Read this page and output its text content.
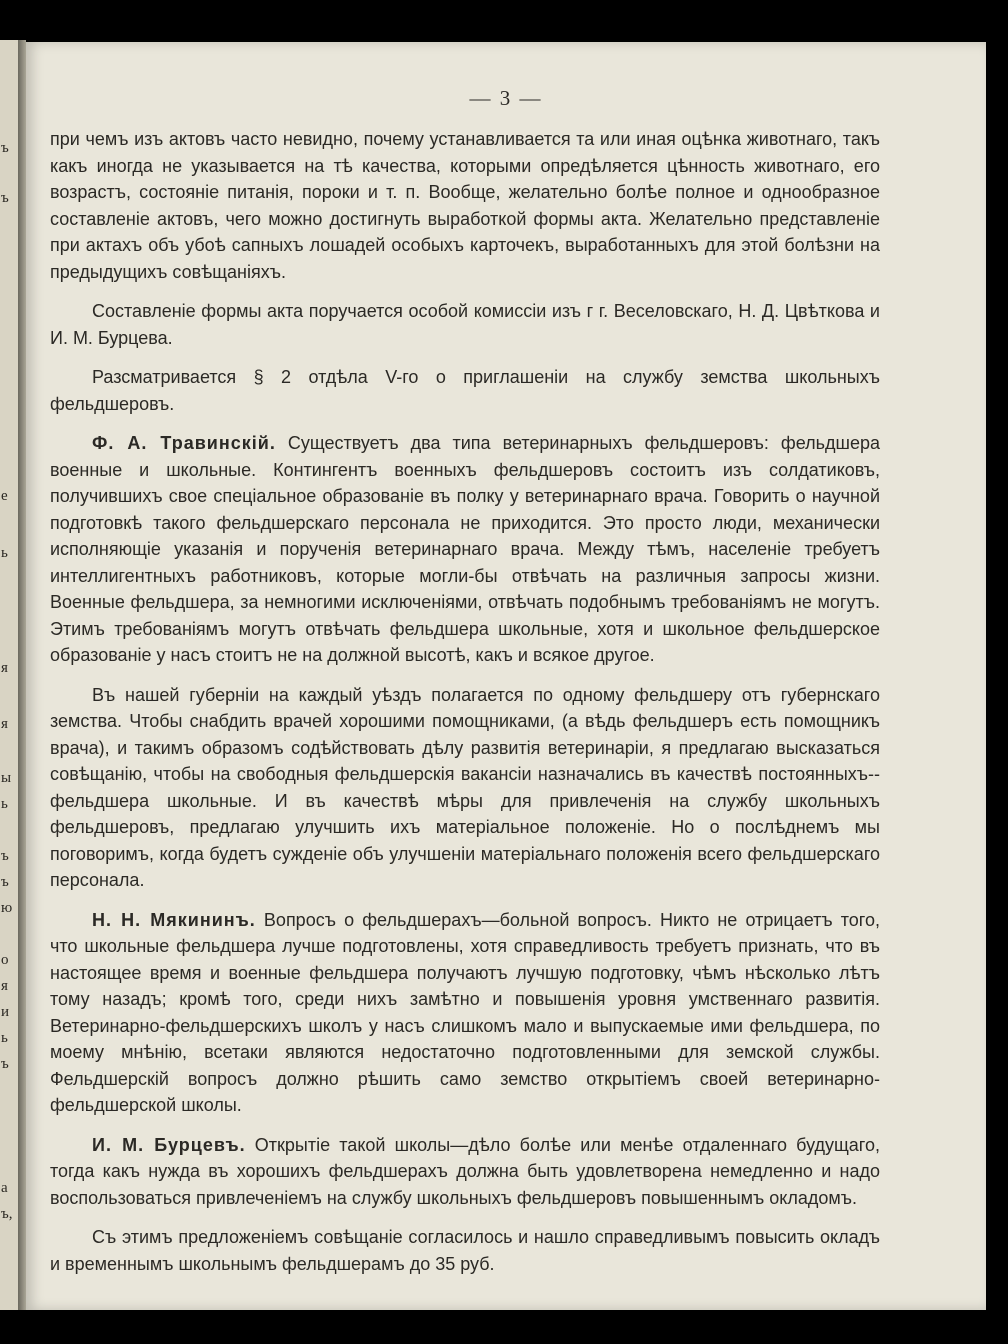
ъ
ъ
е
ь
я
я
ы
ь
ъ
ъ
ю
о
я
и
ь
ъ
а
ъ,
— 3 —

при чемъ изъ актовъ часто невидно, почему устанавливается та или иная оцѣнка животнаго, такъ какъ иногда не указывается на тѣ качества, которыми опредѣляется цѣнность животнаго, его возрастъ, состояніе питанія, пороки и т. п. Вообще, желательно болѣе полное и однообразное составленіе актовъ, чего можно достигнуть выработкой формы акта. Желательно представленіе при актахъ объ убоѣ сапныхъ лошадей особыхъ карточекъ, выработанныхъ для этой болѣзни на предыдущихъ совѣщаніяхъ.

Составленіе формы акта поручается особой комиссіи изъ г г. Веселовскаго, Н. Д. Цвѣткова и И. М. Бурцева.

Разсматривается § 2 отдѣла V-го о приглашеніи на службу земства школьныхъ фельдшеровъ.

Ф. А. Травинскій. Существуетъ два типа ветеринарныхъ фельдшеровъ: фельдшера военные и школьные. Контингентъ военныхъ фельдшеровъ состоитъ изъ солдатиковъ, получившихъ свое спеціальное образованіе въ полку у ветеринарнаго врача. Говорить о научной подготовкѣ такого фельдшерскаго персонала не приходится. Это просто люди, механически исполняющіе указанія и порученія ветеринарнаго врача. Между тѣмъ, населеніе требуетъ интеллигентныхъ работниковъ, которые могли-бы отвѣчать на различныя запросы жизни. Военные фельдшера, за немногими исключеніями, отвѣчать подобнымъ требованіямъ не могутъ. Этимъ требованіямъ могутъ отвѣчать фельдшера школьные, хотя и школьное фельдшерское образованіе у насъ стоитъ не на должной высотѣ, какъ и всякое другое.

Въ нашей губерніи на каждый уѣздъ полагается по одному фельдшеру отъ губернскаго земства. Чтобы снабдить врачей хорошими помощниками, (а вѣдь фельдшеръ есть помощникъ врача), и такимъ образомъ содѣйствовать дѣлу развитія ветеринаріи, я предлагаю высказаться совѣщанію, чтобы на свободныя фельдшерскія вакансіи назначались въ качествѣ постоянныхъ--фельдшера школьные. И въ качествѣ мѣры для привлеченія на службу школьныхъ фельдшеровъ, предлагаю улучшить ихъ матеріальное положеніе. Но о послѣднемъ мы поговоримъ, когда будетъ сужденіе объ улучшеніи матеріальнаго положенія всего фельдшерскаго персонала.

Н. Н. Мякининъ. Вопросъ о фельдшерахъ—больной вопросъ. Никто не отрицаетъ того, что школьные фельдшера лучше подготовлены, хотя справедливость требуетъ признать, что въ настоящее время и военные фельдшера получаютъ лучшую подготовку, чѣмъ нѣсколько лѣтъ тому назадъ; кромѣ того, среди нихъ замѣтно и повышенія уровня умственнаго развитія. Ветеринарно-фельдшерскихъ школъ у насъ слишкомъ мало и выпускаемые ими фельдшера, по моему мнѣнію, всетаки являются недостаточно подготовленными для земской службы. Фельдшерскій вопросъ должно рѣшить само земство открытіемъ своей ветеринарно-фельдшерской школы.

И. М. Бурцевъ. Открытіе такой школы—дѣло болѣе или менѣе отдаленнаго будущаго, тогда какъ нужда въ хорошихъ фельдшерахъ должна быть удовлетворена немедленно и надо воспользоваться привлеченіемъ на службу школьныхъ фельдшеровъ повышеннымъ окладомъ.

Съ этимъ предложеніемъ совѣщаніе согласилось и нашло справедливымъ повысить окладъ и временнымъ школьнымъ фельдшерамъ до 35 руб.
